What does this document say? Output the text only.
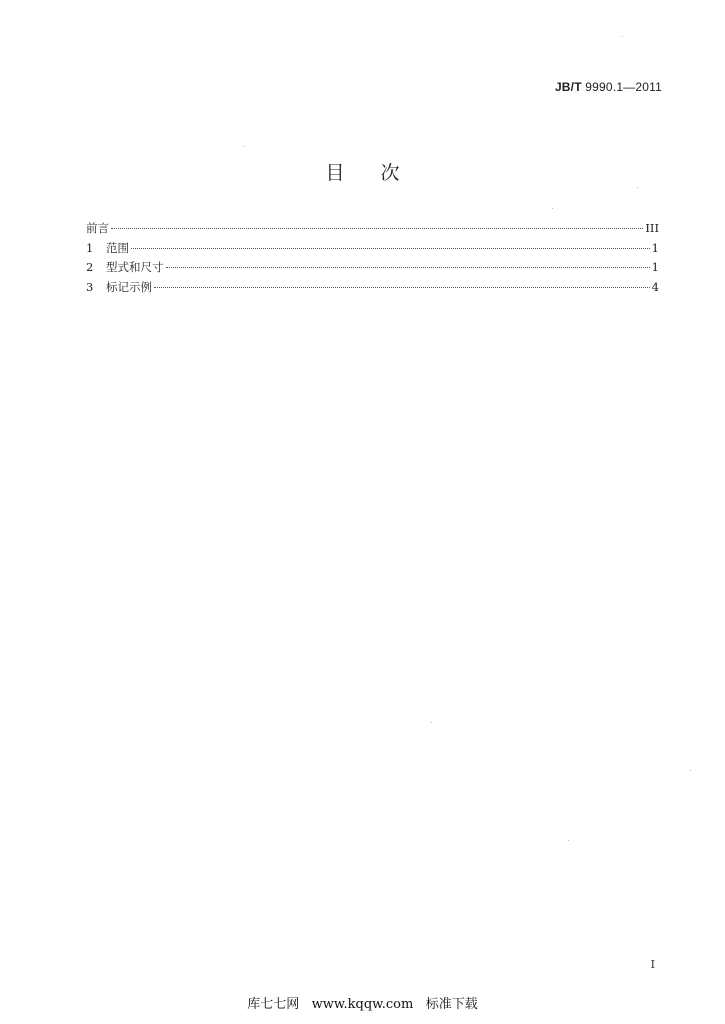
JB/T 9990.1—2011
目次
前言	III
1	范围	1
2	型式和尺寸	1
3	标记示例	4
I
库七七网   www.kqqw.com   标准下载
